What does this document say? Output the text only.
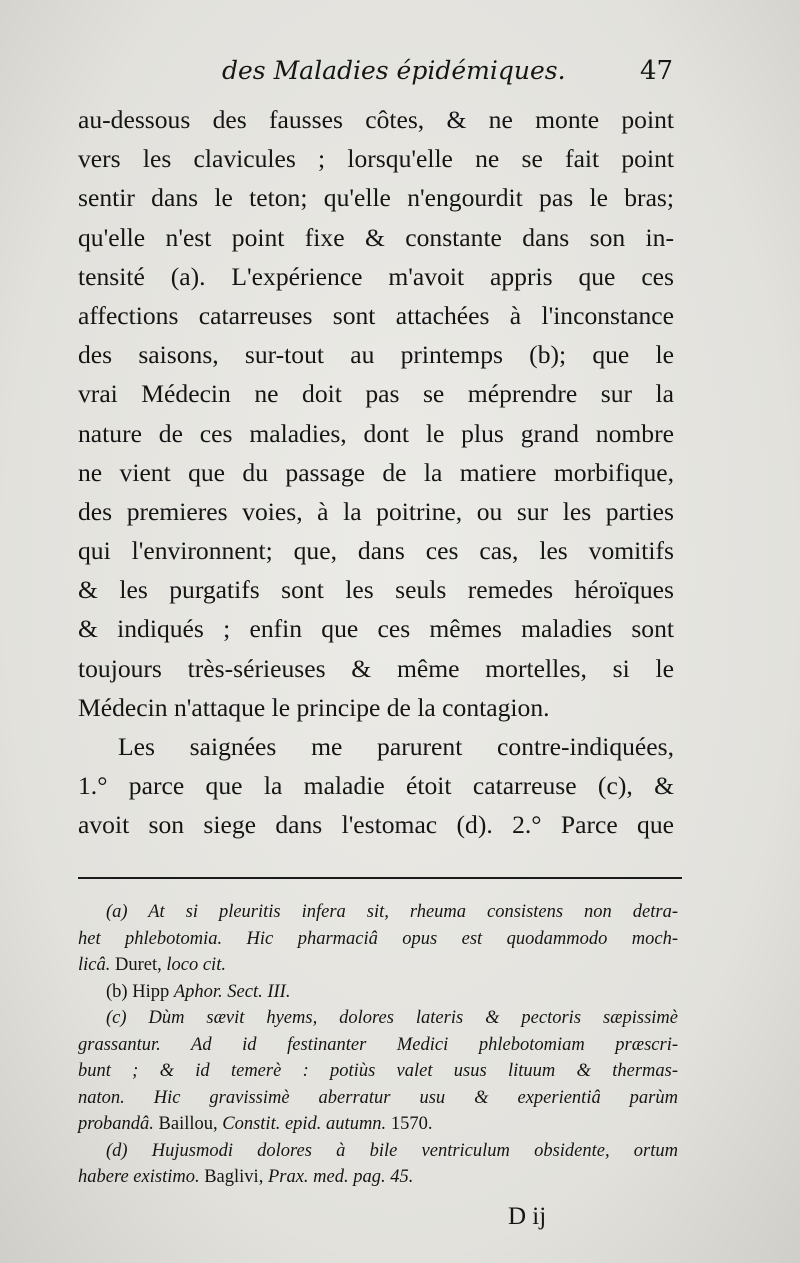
des Maladies épidémiques.	47
au-dessous des fausses côtes, & ne monte point
vers les clavicules ; lorsqu'elle ne se fait point
sentir dans le teton; qu'elle n'engourdit pas le bras;
qu'elle n'est point fixe & constante dans son in-
tensité (a). L'expérience m'avoit appris que ces
affections catarreuses sont attachées à l'inconstance
des saisons, sur-tout au printemps (b); que le
vrai Médecin ne doit pas se méprendre sur la
nature de ces maladies, dont le plus grand nombre
ne vient que du passage de la matiere morbifique,
des premieres voies, à la poitrine, ou sur les parties
qui l'environnent; que, dans ces cas, les vomitifs
& les purgatifs sont les seuls remedes héroïques
& indiqués ; enfin que ces mêmes maladies sont
toujours très-sérieuses & même mortelles, si le
Médecin n'attaque le principe de la contagion.
Les saignées me parurent contre-indiquées,
1.° parce que la maladie étoit catarreuse (c), &
avoit son siege dans l'estomac (d). 2.° Parce que
(a) At si pleuritis infera sit, rheuma consistens non detra-
het phlebotomia. Hic pharmaciâ opus est quodammodo moch-
licâ. Duret, loco cit.
(b) Hipp Aphor. Sect. III.
(c) Dùm sævit hyems, dolores lateris & pectoris sæpissimè
grassantur. Ad id festinanter Medici phlebotomiam præscri-
bunt ; & id temerè : potiùs valet usus lituum & thermas-
naton. Hic gravissimè aberratur usu & experientiâ parùm
probandâ. Baillou, Constit. epid. autumn. 1570.
(d) Hujusmodi dolores à bile ventriculum obsidente, ortum
habere existimo. Baglivi, Prax. med. pag. 45.
D ij
